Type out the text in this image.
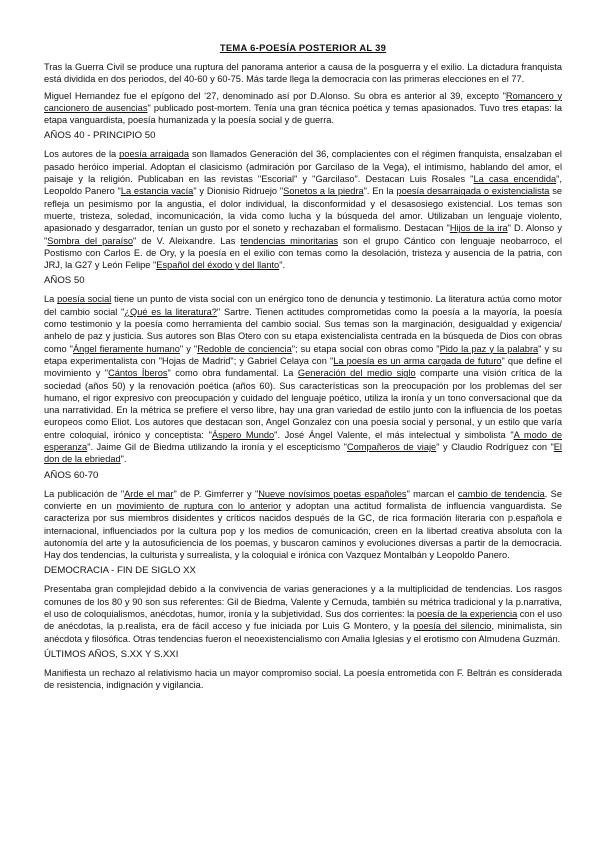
TEMA 6-POESÍA POSTERIOR AL 39

Tras la Guerra Civil se produce una ruptura del panorama anterior a causa de la posguerra y el exilio. La dictadura franquista está dividida en dos periodos, del 40-60 y 60-75. Más tarde llega la democracia con las primeras elecciones en el 77.

Miguel Hernandez fue el epígono del ‘27, denominado así por D.Alonso. Su obra es anterior al 39, excepto "Romancero y cancionero de ausencias" publicado post-mortem. Tenía una gran técnica poética y temas apasionados. Tuvo tres etapas: la etapa vanguardista, poesía humanizada y la poesía social y de guerra.

AÑOS 40 - PRINCIPIO 50

Los autores de la poesía arraigada son llamados Generación del 36, complacientes con el régimen franquista, ensalzaban el pasado heróico imperial. Adoptan el clasicismo (admiración por Garcilaso de la Vega), el intimismo, hablando del amor, el paisaje y la religión. Publicaban en las revistas "Escorial" y "Garcilaso". Destacan Luis Rosales "La casa encendida", Leopoldo Panero "La estancia vacía" y Dionisio Ridruejo "Sonetos a la piedra". En la poesía desarraigada o existencialista se refleja un pesimismo por la angustia, el dolor individual, la disconformidad y el desasosiego existencial. Los temas son muerte, tristeza, soledad, incomunicación, la vida como lucha y la búsqueda del amor. Utilizaban un lenguaje violento, apasionado y desgarrador, tenían un gusto por el soneto y rechazaban el formalismo. Destacan "Hijos de la ira" D. Alonso y "Sombra del paraíso" de V. Aleixandre. Las tendencias minoritarias son el grupo Cántico con lenguaje neobarroco, el Postismo con Carlos E. de Ory, y la poesía en el exilio con temas como la desolación, tristeza y ausencia de la patria, con JRJ, la G27 y León Felipe "Español del éxodo y del llanto".

AÑOS 50

La poesía social tiene un punto de vista social con un enérgico tono de denuncia y testimonio. La literatura actúa como motor del cambio social "¿Qué es la literatura?" Sartre. Tienen actitudes comprometidas como la poesía a la mayoría, la poesía como testimonio y la poesía como herramienta del cambio social. Sus temas son la marginación, desigualdad y exigencia/ anhelo de paz y justicia. Sus autores son Blas Otero con su etapa existencialista centrada en la búsqueda de Dios con obras como "Ángel fieramente humano" y "Redoble de conciencia"; su etapa social con obras como "Pido la paz y la palabra" y su etapa experimentalista con "Hojas de Madrid"; y Gabriel Celaya con "La poesía es un arma cargada de futuro" que define el movimiento y "Cántos Íberos" como obra fundamental. La Generación del medio siglo comparte una visión crítica de la sociedad (años 50) y la renovación poética (años 60). Sus características son la preocupación por los problemas del ser humano, el rigor expresivo con preocupación y cuidado del lenguaje poético, utiliza la ironía y un tono conversacional que da una narratividad. En la métrica se prefiere el verso libre, hay una gran variedad de estilo junto con la influencia de los poetas europeos como Eliot. Los autores que destacan son, Angel Gonzalez con una poesía social y personal, y un estilo que varía entre coloquial, irónico y conceptista: "Áspero Mundo". José Ángel Valente, el más intelectual y simbolista "A modo de esperanza". Jaime Gil de Biedma utilizando la ironía y el escepticismo "Compañeros de viaje" y Claudio Rodríguez con "El don de la ebriedad".

AÑOS 60-70

La publicación de "Arde el mar" de P. Gimferrer y "Nueve novísimos poetas españoles" marcan el cambio de tendencia. Se convierte en un movimiento de ruptura con lo anterior y adoptan una actitud formalista de influencia vanguardista. Se caracteriza por sus miembros disidentes y críticos nacidos después de la GC, de rica formación literaria con p.española e internacional, influenciados por la cultura pop y los medios de comunicación, creen en la libertad creativa absoluta con la autonomía del arte y la autosuficiencia de los poemas, y buscaron caminos y evoluciones diversas a partir de la democracia. Hay dos tendencias, la culturista y surrealista, y la coloquial e irónica con Vazquez Montalbán y Leopoldo Panero.

DEMOCRACIA - FIN DE SIGLO XX

Presentaba gran complejidad debido a la convivencia de varias generaciones y a la multiplicidad de tendencias. Los rasgos comunes de los 80 y 90 son sus referentes: Gil de Biedma, Valente y Cernuda, también su métrica tradicional y la p.narrativa, el uso de coloquialismos, anécdotas, humor, ironía y la subjetividad. Sus dos corrientes: la poesía de la experiencia con el uso de anécdotas, la p.realista, era de fácil acceso y fue iniciada por Luis G Montero, y la poesía del silencio, minimalista, sin anécdota y filosófica. Otras tendencias fueron el neoexistencialismo con Amalia Iglesias y el erotismo con Almudena Guzmán.

ÚLTIMOS AÑOS, S.XX Y S.XXI

Manifiesta un rechazo al relativismo hacia un mayor compromiso social. La poesía entrometida con F. Beltrán es considerada de resistencia, indignación y vigilancia.
